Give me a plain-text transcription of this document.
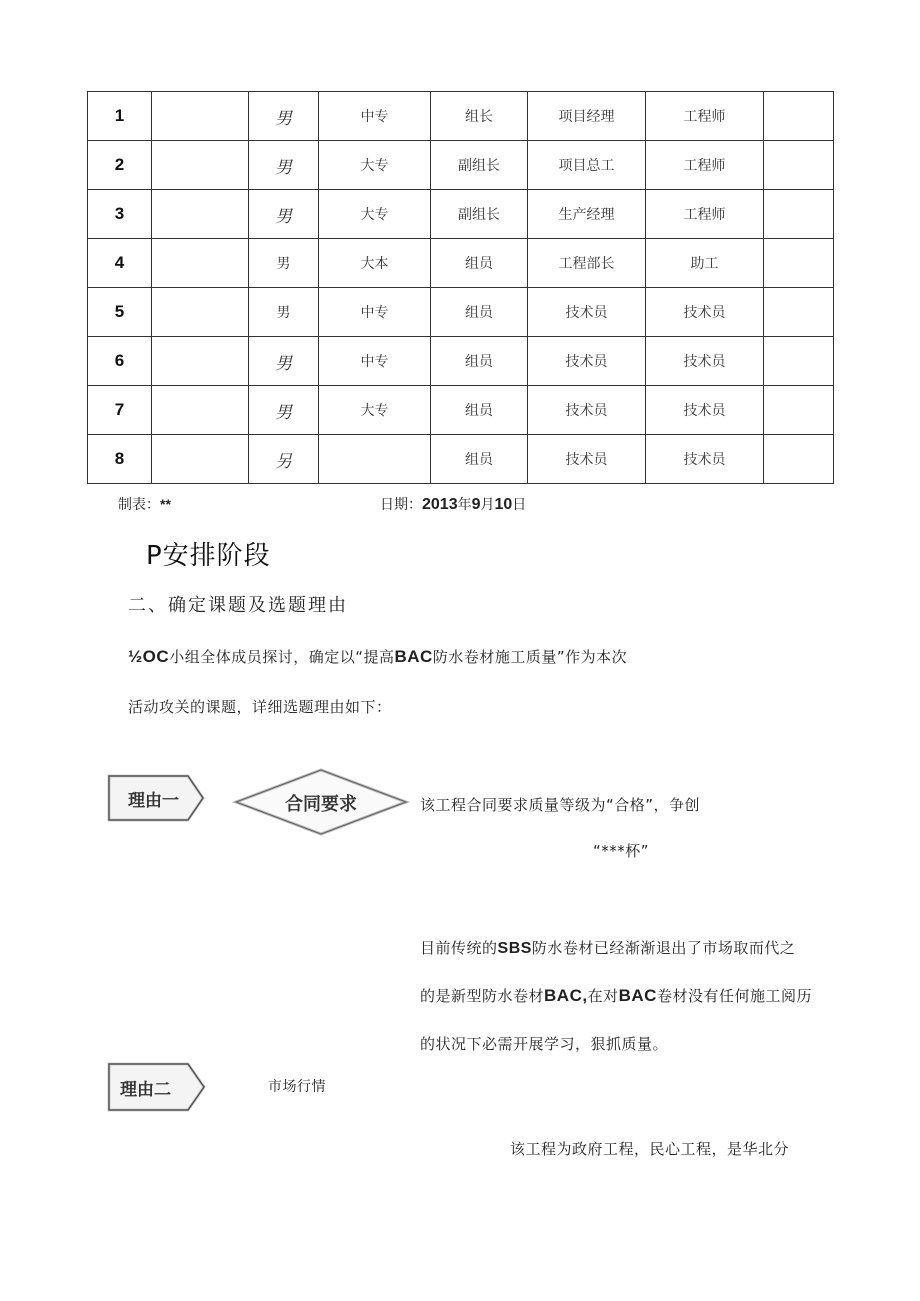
1		男	中专	组长	项目经理	工程师	
2		男	大专	副组长	项目总工	工程师	
3		男	大专	副组长	生产经理	工程师	
4		男	大本	组员	工程部长	助工	
5		男	中专	组员	技术员	技术员	
6		男	中专	组员	技术员	技术员	
7		男	大专	组员	技术员	技术员	
8		另		组员	技术员	技术员	
制表：**	日期：2013年9月10日
P安排阶段
二、确定课题及选题理由
½OC小组全体成员探讨，确定以“提高BAC防水卷材施工质量”作为本次
活动攻关的课题，详细选题理由如下：
理由一	合同要求	该工程合同要求质量等级为“合格”，争创
“***杯”
目前传统的SBS防水卷材已经渐渐退出了市场取而代之
的是新型防水卷材BAC,在对BAC卷材没有任何施工阅历
的状况下必需开展学习，狠抓质量。
理由二	市场行情
该工程为政府工程，民心工程，是华北分
